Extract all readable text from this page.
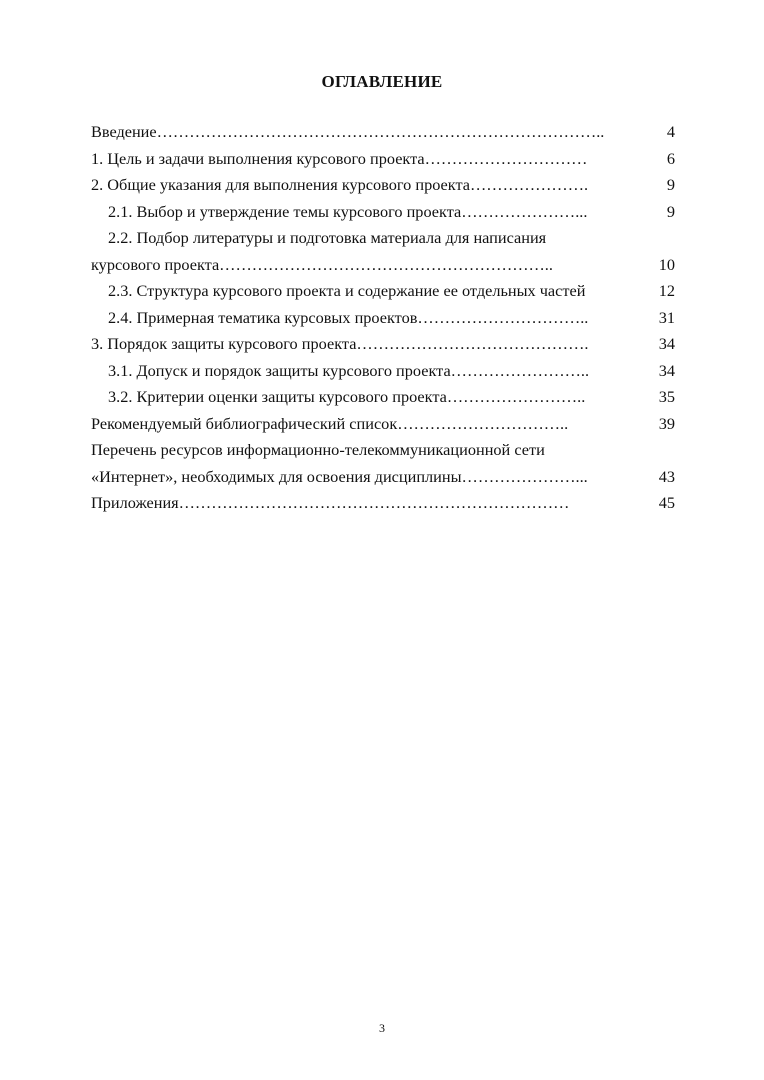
ОГЛАВЛЕНИЕ
Введение………………………………………………………………………..	4
1. Цель и задачи выполнения курсового проекта…………………………	6
2. Общие указания для выполнения курсового проекта………………….	9
2.1. Выбор и утверждение темы курсового проекта…………………...	9
2.2. Подбор литературы и подготовка материала для написания
курсового проекта……………………………………………………..	10
2.3. Структура курсового проекта и содержание ее отдельных частей	12
2.4. Примерная тематика курсовых проектов…………………………..	31
3. Порядок защиты курсового проекта…………………………………….	34
3.1. Допуск и порядок защиты курсового проекта……………………..	34
3.2. Критерии оценки защиты курсового проекта……………………..	35
Рекомендуемый библиографический список…………………………..	39
Перечень ресурсов информационно-телекоммуникационной сети
«Интернет», необходимых для освоения дисциплины…………………...	43
Приложения………………………………………………………………	45
3
